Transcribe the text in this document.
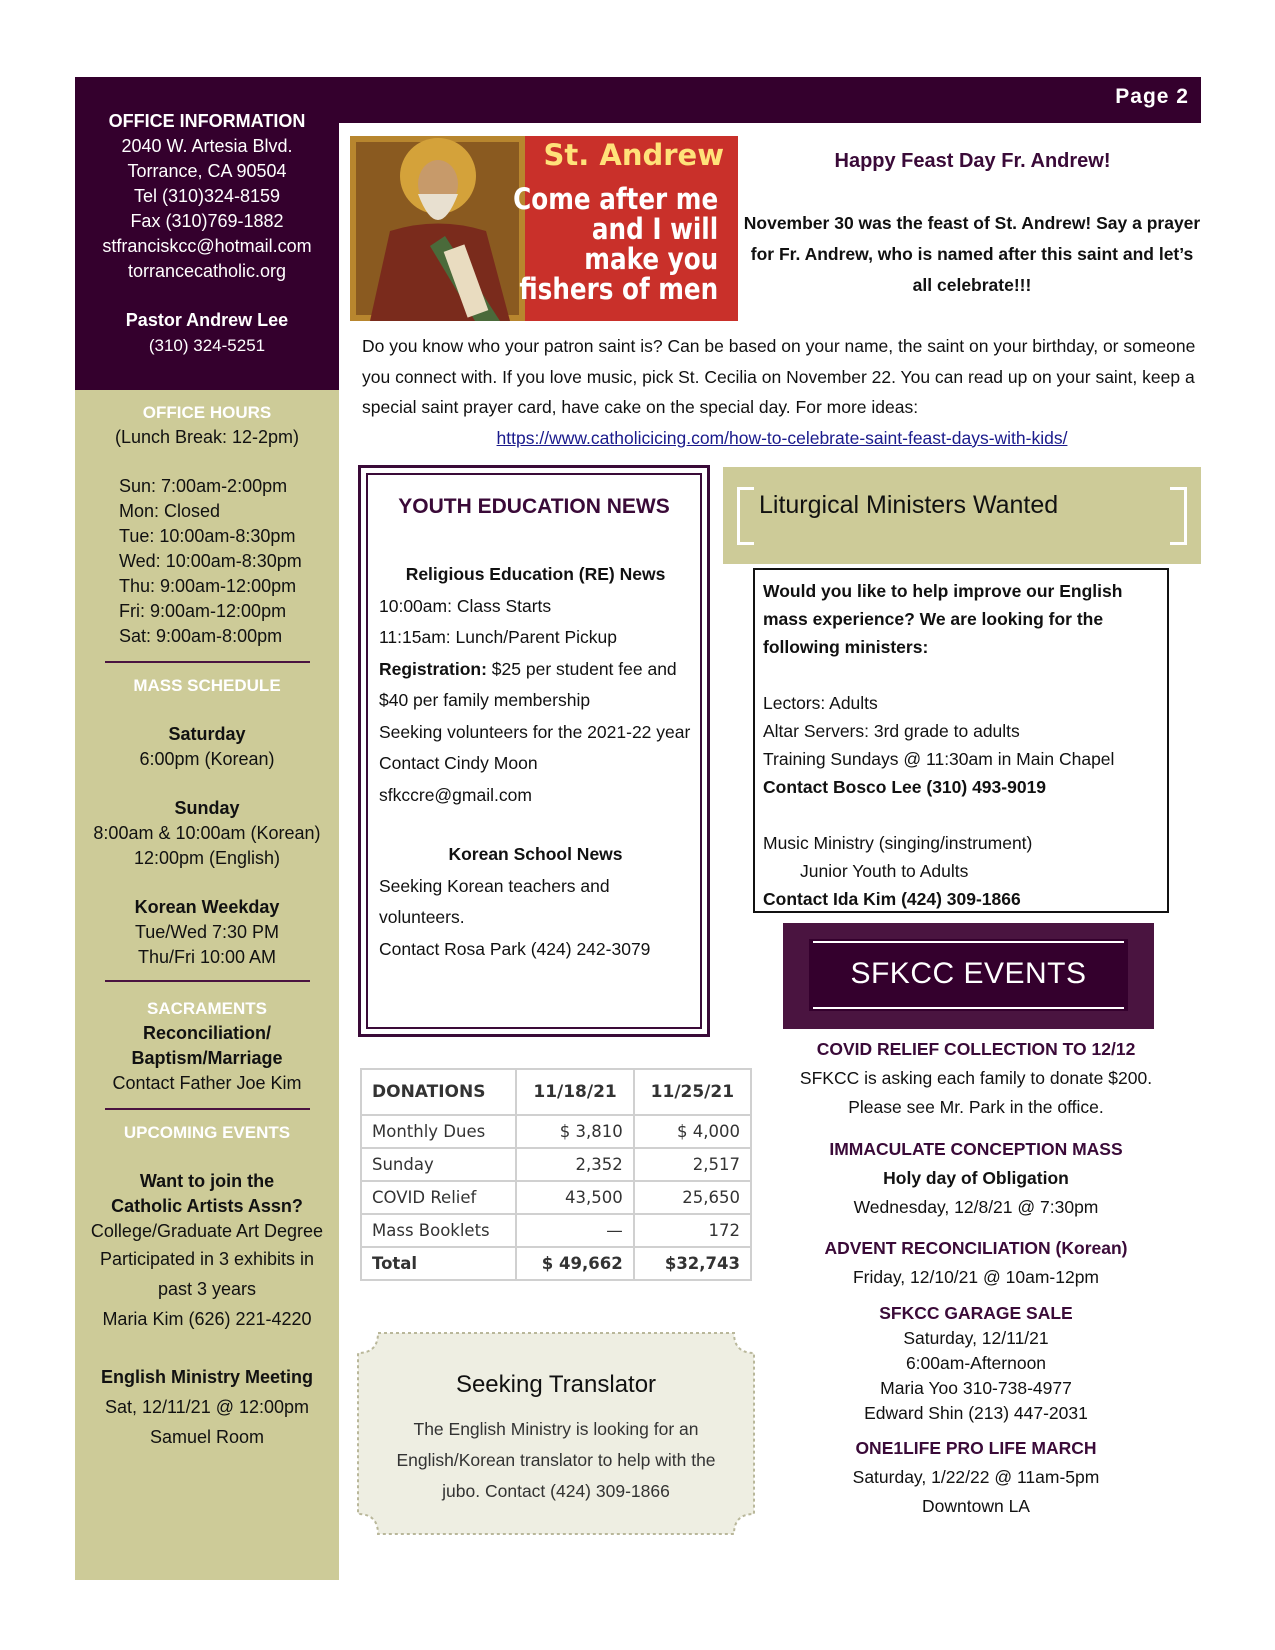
Page 2
OFFICE INFORMATION
2040 W. Artesia Blvd.
Torrance, CA 90504
Tel (310)324-8159
Fax (310)769-1882
stfranciskcc@hotmail.com
torrancecatholic.org
Pastor Andrew Lee
(310) 324-5251
OFFICE HOURS
(Lunch Break: 12-2pm)
Sun: 7:00am-2:00pm
Mon: Closed
Tue: 10:00am-8:30pm
Wed: 10:00am-8:30pm
Thu: 9:00am-12:00pm
Fri: 9:00am-12:00pm
Sat: 9:00am-8:00pm
MASS SCHEDULE
Saturday
6:00pm (Korean)
Sunday
8:00am & 10:00am (Korean)
12:00pm (English)
Korean Weekday
Tue/Wed 7:30 PM
Thu/Fri 10:00 AM
SACRAMENTS
Reconciliation/
Baptism/Marriage
Contact Father Joe Kim
UPCOMING EVENTS
Want to join the
Catholic Artists Assn?
College/Graduate Art Degree
Participated in 3 exhibits in
past 3 years
Maria Kim (626) 221-4220
English Ministry Meeting
Sat, 12/11/21 @ 12:00pm
Samuel Room
St. Andrew
Come after me
and I will
make you
fishers of men
Happy Feast Day Fr. Andrew!
November 30 was the feast of St. Andrew! Say a prayer for Fr. Andrew, who is named after this saint and let’s all celebrate!!!
Do you know who your patron saint is? Can be based on your name, the saint on your birthday, or someone you connect with. If you love music, pick St. Cecilia on November 22. You can read up on your saint, keep a special saint prayer card, have cake on the special day. For more ideas:
https://www.catholicicing.com/how-to-celebrate-saint-feast-days-with-kids/
YOUTH EDUCATION NEWS
Religious Education (RE) News
10:00am: Class Starts
11:15am: Lunch/Parent Pickup
Registration: $25 per student fee and $40 per family membership
Seeking volunteers for the 2021-22 year
Contact Cindy Moon
sfkccre@gmail.com
Korean School News
Seeking Korean teachers and volunteers.
Contact Rosa Park (424) 242-3079
Liturgical Ministers Wanted
Would you like to help improve our English mass experience? We are looking for the following ministers:
Lectors: Adults
Altar Servers: 3rd grade to adults
Training Sundays @ 11:30am in Main Chapel
Contact Bosco Lee (310) 493-9019
Music Ministry (singing/instrument)
Junior Youth to Adults
Contact Ida Kim (424) 309-1866
SFKCC EVENTS
COVID RELIEF COLLECTION TO 12/12
SFKCC is asking each family to donate $200.
Please see Mr. Park in the office.
IMMACULATE CONCEPTION MASS
Holy day of Obligation
Wednesday, 12/8/21 @ 7:30pm
ADVENT RECONCILIATION (Korean)
Friday, 12/10/21 @ 10am-12pm
SFKCC GARAGE SALE
Saturday, 12/11/21
6:00am-Afternoon
Maria Yoo 310-738-4977
Edward Shin (213) 447-2031
ONE1LIFE PRO LIFE MARCH
Saturday, 1/22/22 @ 11am-5pm
Downtown LA
DONATIONS	11/18/21	11/25/21
Monthly Dues	$ 3,810	$ 4,000
Sunday	2,352	2,517
COVID Relief	43,500	25,650
Mass Booklets	—	172
Total	$ 49,662	$32,743
Seeking Translator
The English Ministry is looking for an English/Korean translator to help with the jubo. Contact (424) 309-1866
